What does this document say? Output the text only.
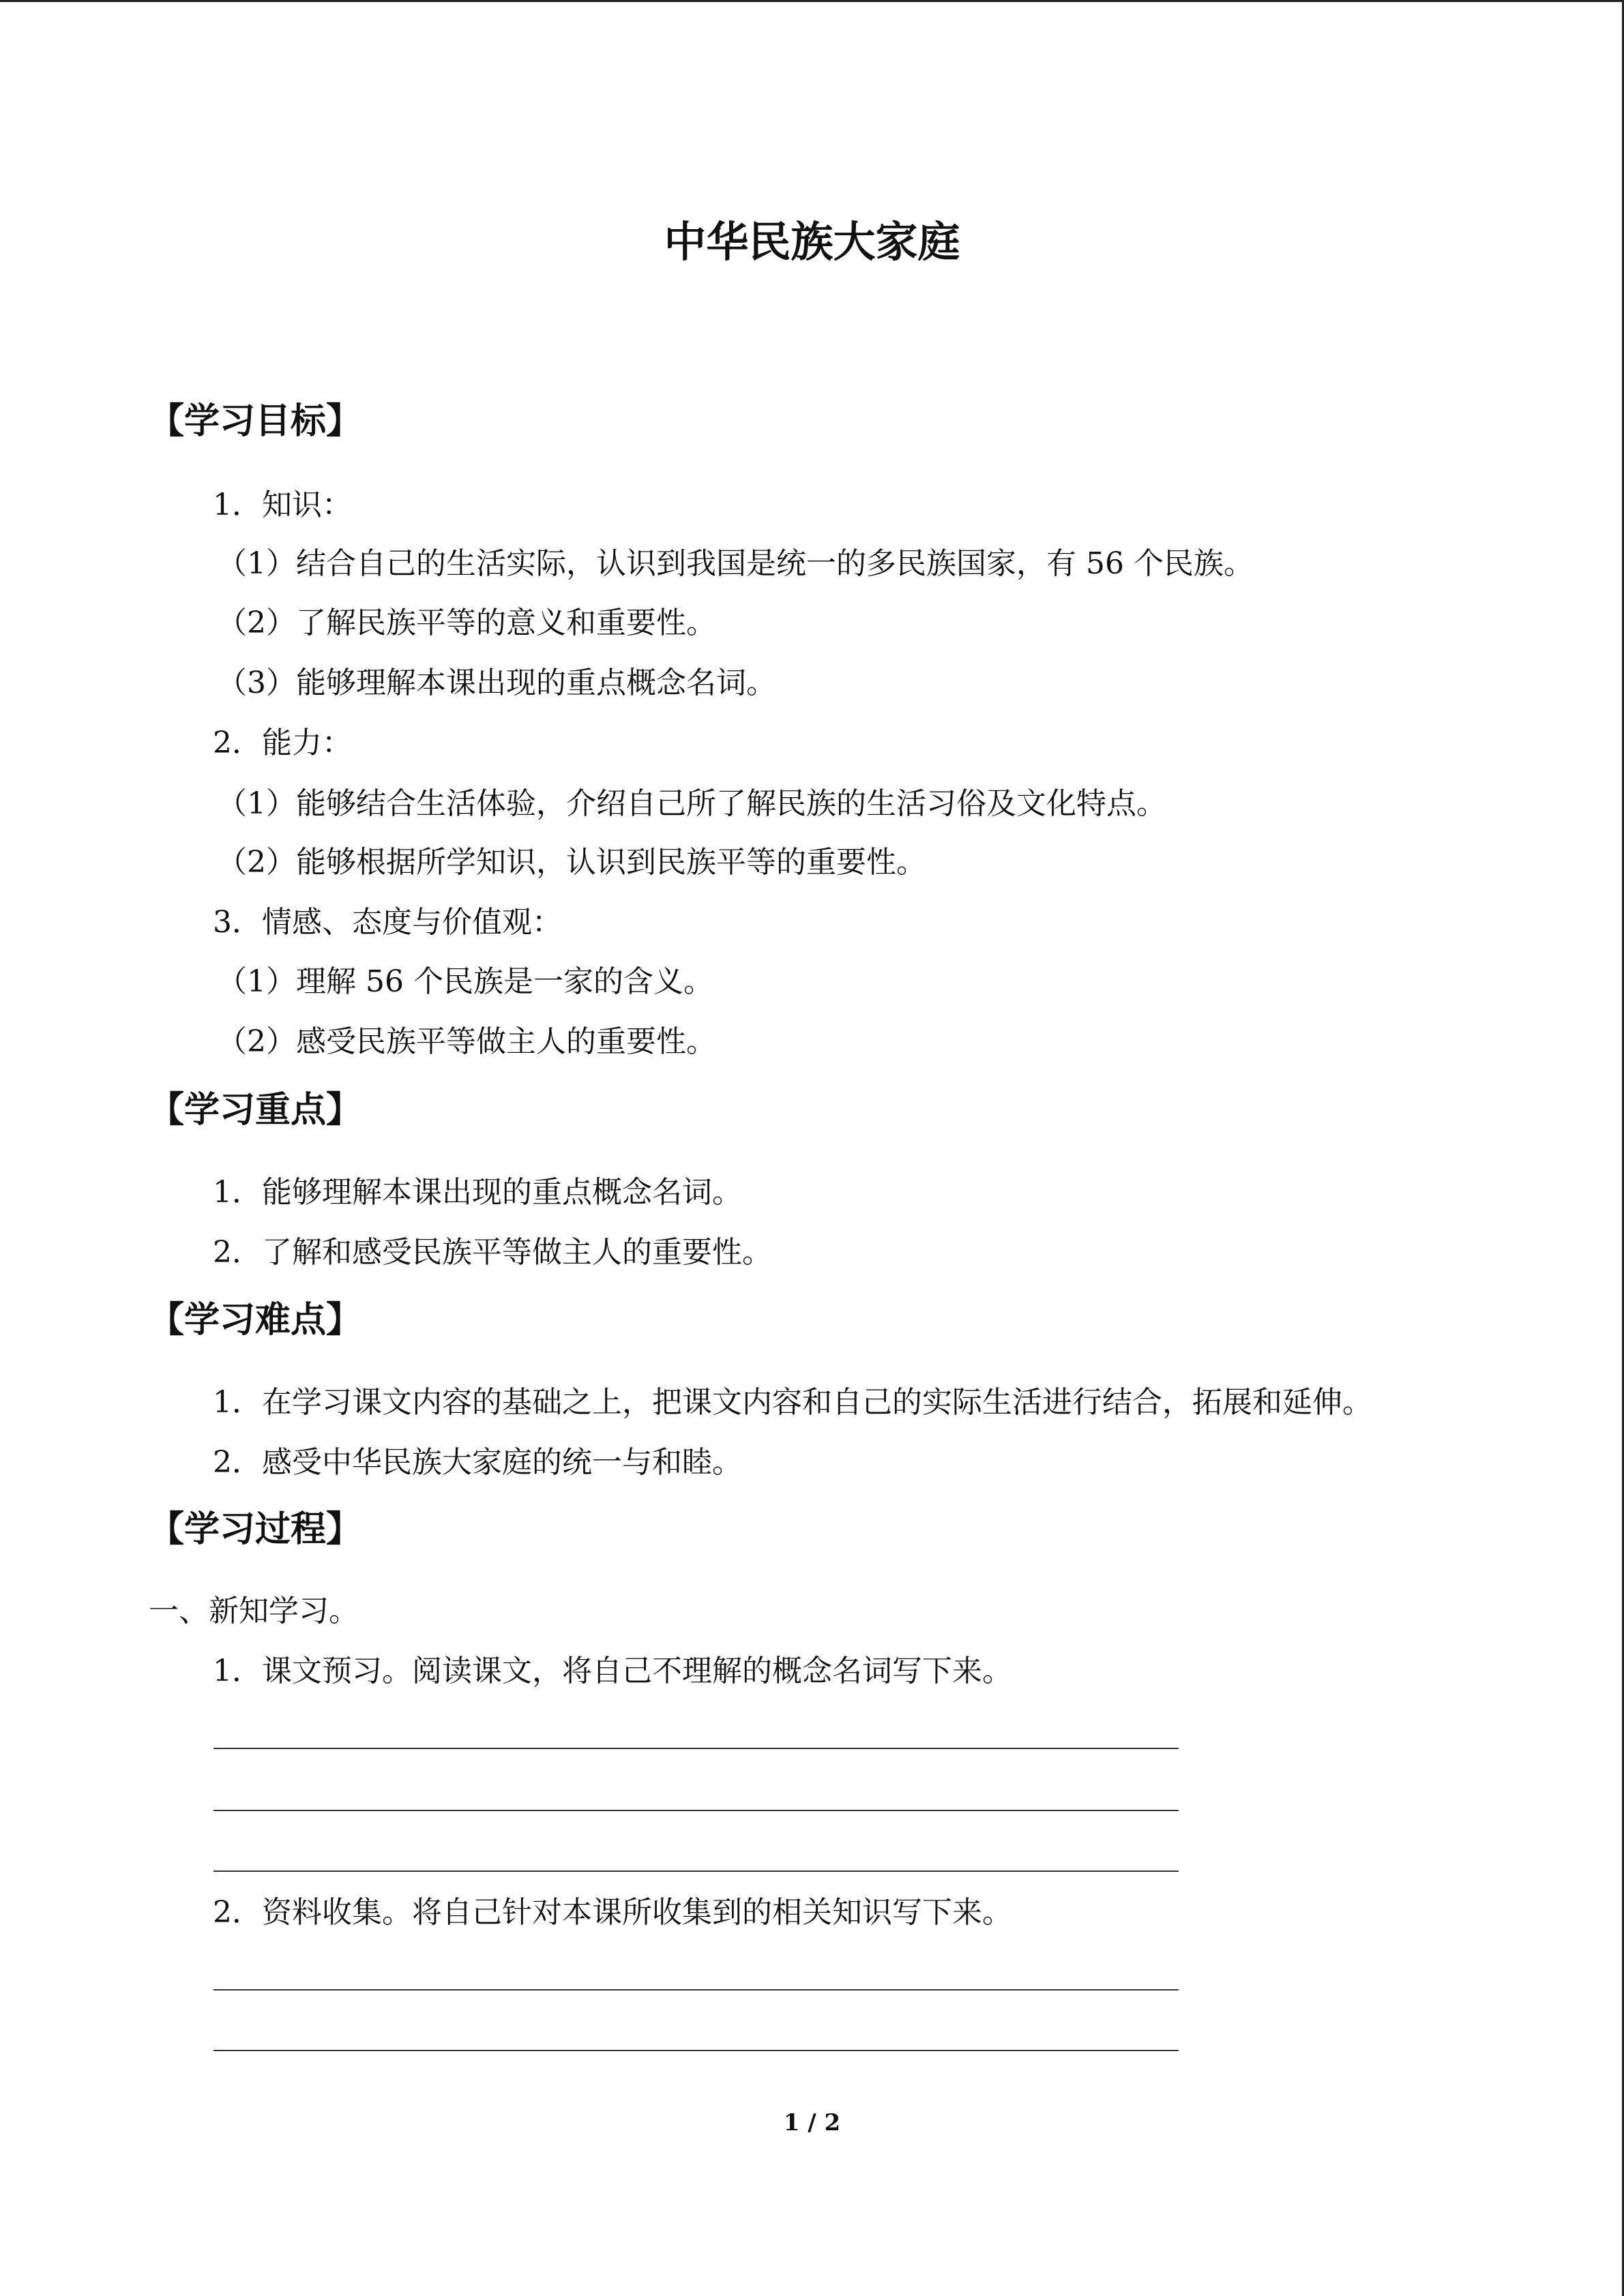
中华民族大家庭
【学习目标】
1．知识：
（1）结合自己的生活实际，认识到我国是统一的多民族国家，有 56 个民族。
（2）了解民族平等的意义和重要性。
（3）能够理解本课出现的重点概念名词。
2．能力：
（1）能够结合生活体验，介绍自己所了解民族的生活习俗及文化特点。
（2）能够根据所学知识，认识到民族平等的重要性。
3．情感、态度与价值观：
（1）理解 56 个民族是一家的含义。
（2）感受民族平等做主人的重要性。
【学习重点】
1．能够理解本课出现的重点概念名词。
2．了解和感受民族平等做主人的重要性。
【学习难点】
1．在学习课文内容的基础之上，把课文内容和自己的实际生活进行结合，拓展和延伸。
2．感受中华民族大家庭的统一与和睦。
【学习过程】
一、新知学习。
1．课文预习。阅读课文，将自己不理解的概念名词写下来。
2．资料收集。将自己针对本课所收集到的相关知识写下来。
1 / 2
